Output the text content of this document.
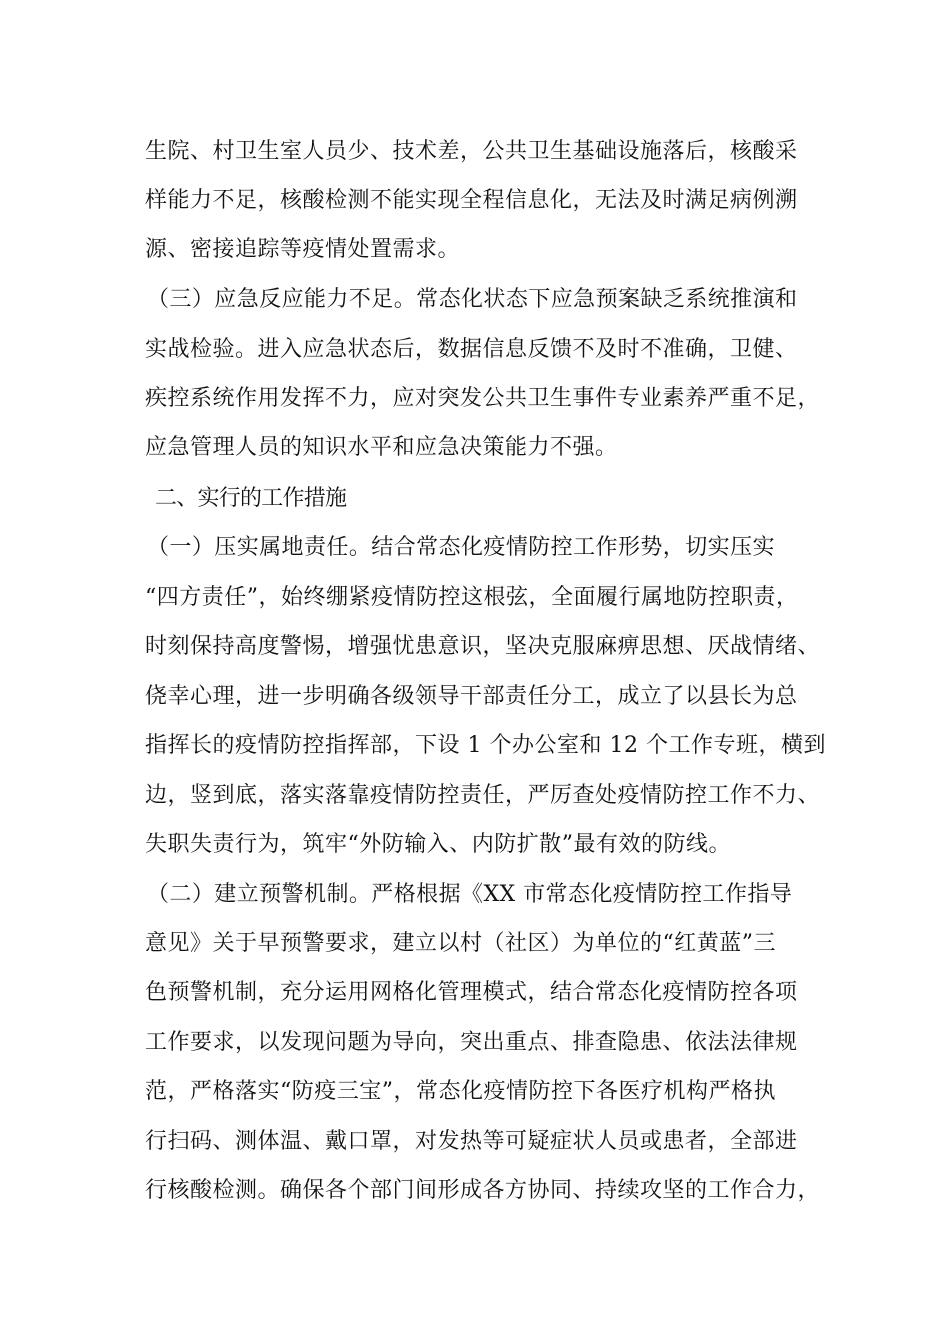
生院、村卫生室人员少、技术差，公共卫生基础设施落后，核酸采
样能力不足，核酸检测不能实现全程信息化，无法及时满足病例溯
源、密接追踪等疫情处置需求。
（三）应急反应能力不足。常态化状态下应急预案缺乏系统推演和
实战检验。进入应急状态后，数据信息反馈不及时不准确，卫健、
疾控系统作用发挥不力，应对突发公共卫生事件专业素养严重不足，
应急管理人员的知识水平和应急决策能力不强。
二、实行的工作措施
（一）压实属地责任。结合常态化疫情防控工作形势，切实压实
“四方责任”，始终绷紧疫情防控这根弦，全面履行属地防控职责，
时刻保持高度警惕，增强忧患意识，坚决克服麻痹思想、厌战情绪、
侥幸心理，进一步明确各级领导干部责任分工，成立了以县长为总
指挥长的疫情防控指挥部，下设 1 个办公室和 12 个工作专班，横到
边，竖到底，落实落靠疫情防控责任，严厉查处疫情防控工作不力、
失职失责行为，筑牢“外防输入、内防扩散”最有效的防线。
（二）建立预警机制。严格根据《XX 市常态化疫情防控工作指导
意见》关于早预警要求，建立以村（社区）为单位的“红黄蓝”三
色预警机制，充分运用网格化管理模式，结合常态化疫情防控各项
工作要求，以发现问题为导向，突出重点、排查隐患、依法法律规
范，严格落实“防疫三宝”，常态化疫情防控下各医疗机构严格执
行扫码、测体温、戴口罩，对发热等可疑症状人员或患者，全部进
行核酸检测。确保各个部门间形成各方协同、持续攻坚的工作合力，
